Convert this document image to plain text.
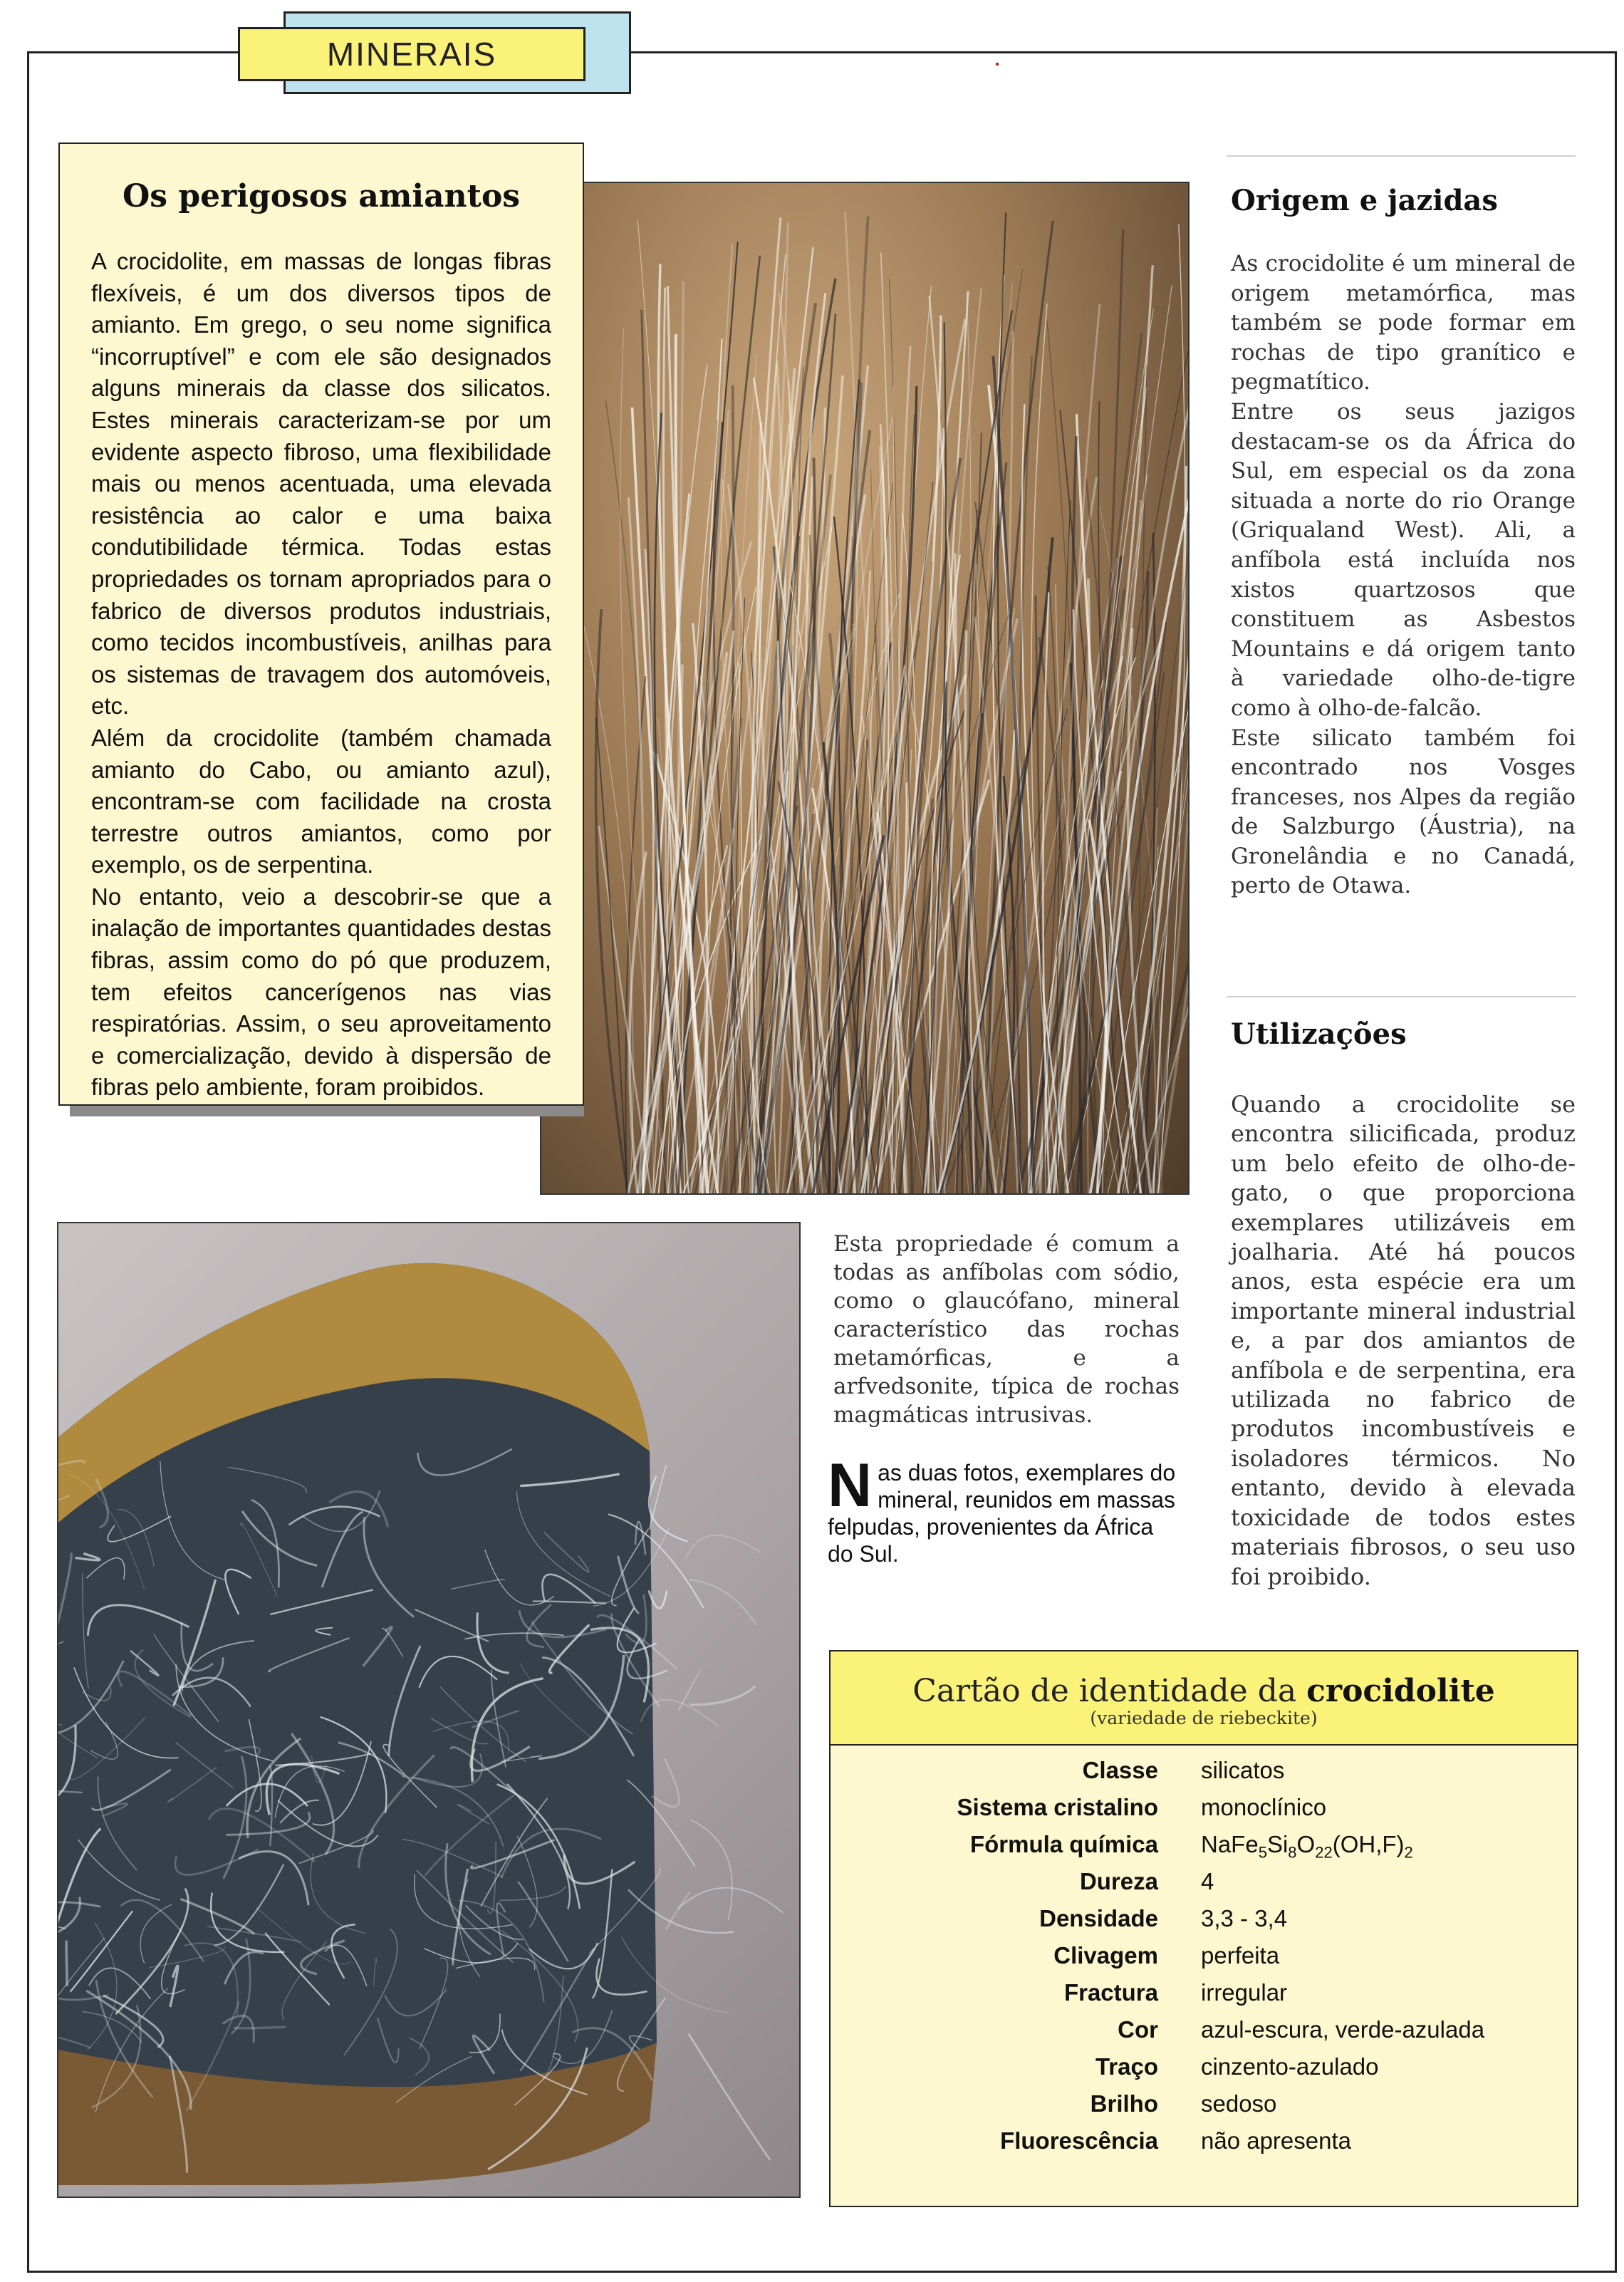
MINERAIS
Os perigosos amiantos

A crocidolite, em massas de longas fibras flexíveis, é um dos diversos tipos de amianto. Em grego, o seu nome significa “incorruptível” e com ele são designados alguns minerais da classe dos silicatos. Estes minerais caracterizam-se por um evidente aspecto fibroso, uma flexibilidade mais ou menos acentuada, uma elevada resistência ao calor e uma baixa condutibilidade térmica. Todas estas propriedades os tornam apropriados para o fabrico de diversos produtos industriais, como tecidos incombustíveis, anilhas para os sistemas de travagem dos automóveis, etc.

Além da crocidolite (também chamada amianto do Cabo, ou amianto azul), encontram-se com facilidade na crosta terrestre outros amiantos, como por exemplo, os de serpentina.

No entanto, veio a descobrir-se que a inalação de importantes quantidades destas fibras, assim como do pó que produzem, tem efeitos cancerígenos nas vias respiratórias. Assim, o seu aproveitamento e comercialização, devido à dispersão de fibras pelo ambiente, foram proibidos.

Origem e jazidas

As crocidolite é um mineral de origem metamórfica, mas também se pode formar em rochas de tipo granítico e pegmatítico.

Entre os seus jazigos destacam-se os da África do Sul, em especial os da zona situada a norte do rio Orange (Griqualand West). Ali, a anfíbola está incluída nos xistos quartzosos que constituem as Asbestos Mountains e dá origem tanto à variedade olho-de-tigre como à olho-de-falcão.

Este silicato também foi encontrado nos Vosges franceses, nos Alpes da região de Salzburgo (Áustria), na Gronelândia e no Canadá, perto de Otawa.

Utilizações

Quando a crocidolite se encontra silicificada, produz um belo efeito de olho-de-gato, o que proporciona exemplares utilizáveis em joalharia. Até há poucos anos, esta espécie era um importante mineral industrial e, a par dos amiantos de anfíbola e de serpentina, era utilizada no fabrico de produtos incombustíveis e isoladores térmicos. No entanto, devido à elevada toxicidade de todos estes materiais fibrosos, o seu uso foi proibido.

Esta propriedade é comum a todas as anfíbolas com sódio, como o glaucófano, mineral característico das rochas metamórficas, e a arfvedsonite, típica de rochas magmáticas intrusivas.

Nas duas fotos, exemplares do mineral, reunidos em massas felpudas, provenientes da África do Sul.
Cartão de identidade da crocidolite
(variedade de riebeckite)
Classe silicatos
Sistema cristalino monoclínico
Fórmula química $NaFe_5Si_8O_{22}(OH,F)_2$
Dureza 4
Densidade 3,3 - 3,4
Clivagem perfeita
Fractura irregular
Cor azul-escura, verde-azulada
Traço cinzento-azulado
Brilho sedoso
Fluorescência não apresenta
